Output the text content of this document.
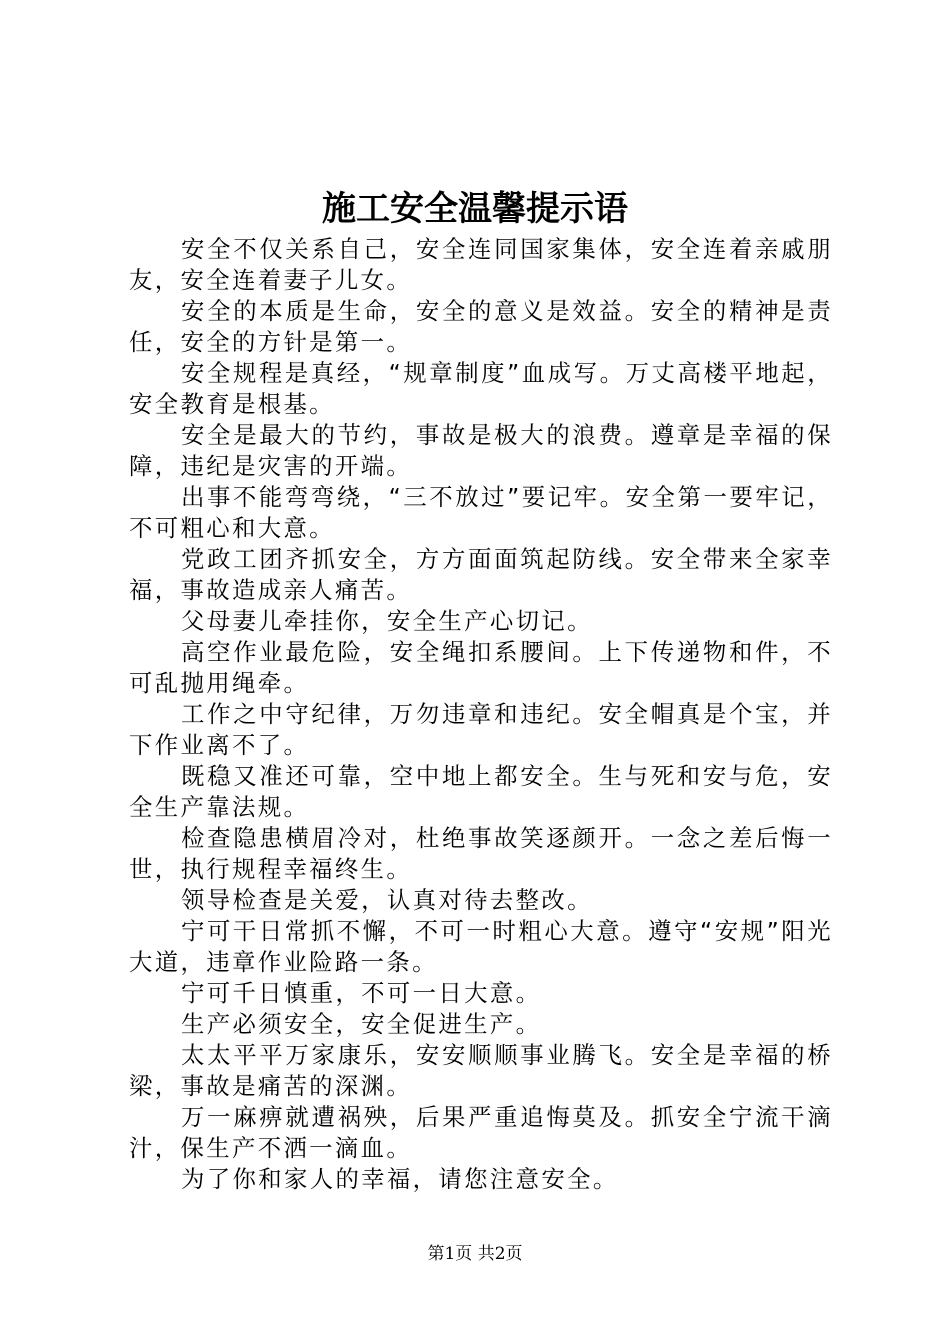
施工安全温馨提示语

安全不仅关系自己，安全连同国家集体，安全连着亲戚朋友，安全连着妻子儿女。

安全的本质是生命，安全的意义是效益。安全的精神是责任，安全的方针是第一。

安全规程是真经，“规章制度”血成写。万丈高楼平地起，安全教育是根基。

安全是最大的节约，事故是极大的浪费。遵章是幸福的保障，违纪是灾害的开端。

出事不能弯弯绕，“三不放过”要记牢。安全第一要牢记，不可粗心和大意。

党政工团齐抓安全，方方面面筑起防线。安全带来全家幸福，事故造成亲人痛苦。

父母妻儿牵挂你，安全生产心切记。

高空作业最危险，安全绳扣系腰间。上下传递物和件，不可乱抛用绳牵。

工作之中守纪律，万勿违章和违纪。安全帽真是个宝，并下作业离不了。

既稳又准还可靠，空中地上都安全。生与死和安与危，安全生产靠法规。

检查隐患横眉冷对，杜绝事故笑逐颜开。一念之差后悔一世，执行规程幸福终生。

领导检查是关爱，认真对待去整改。

宁可干日常抓不懈，不可一时粗心大意。遵守“安规”阳光大道，违章作业险路一条。

宁可千日慎重，不可一日大意。

生产必须安全，安全促进生产。

太太平平万家康乐，安安顺顺事业腾飞。安全是幸福的桥梁，事故是痛苦的深渊。

万一麻痹就遭祸殃，后果严重追悔莫及。抓安全宁流干滴汁，保生产不洒一滴血。

为了你和家人的幸福，请您注意安全。

第1页 共2页
